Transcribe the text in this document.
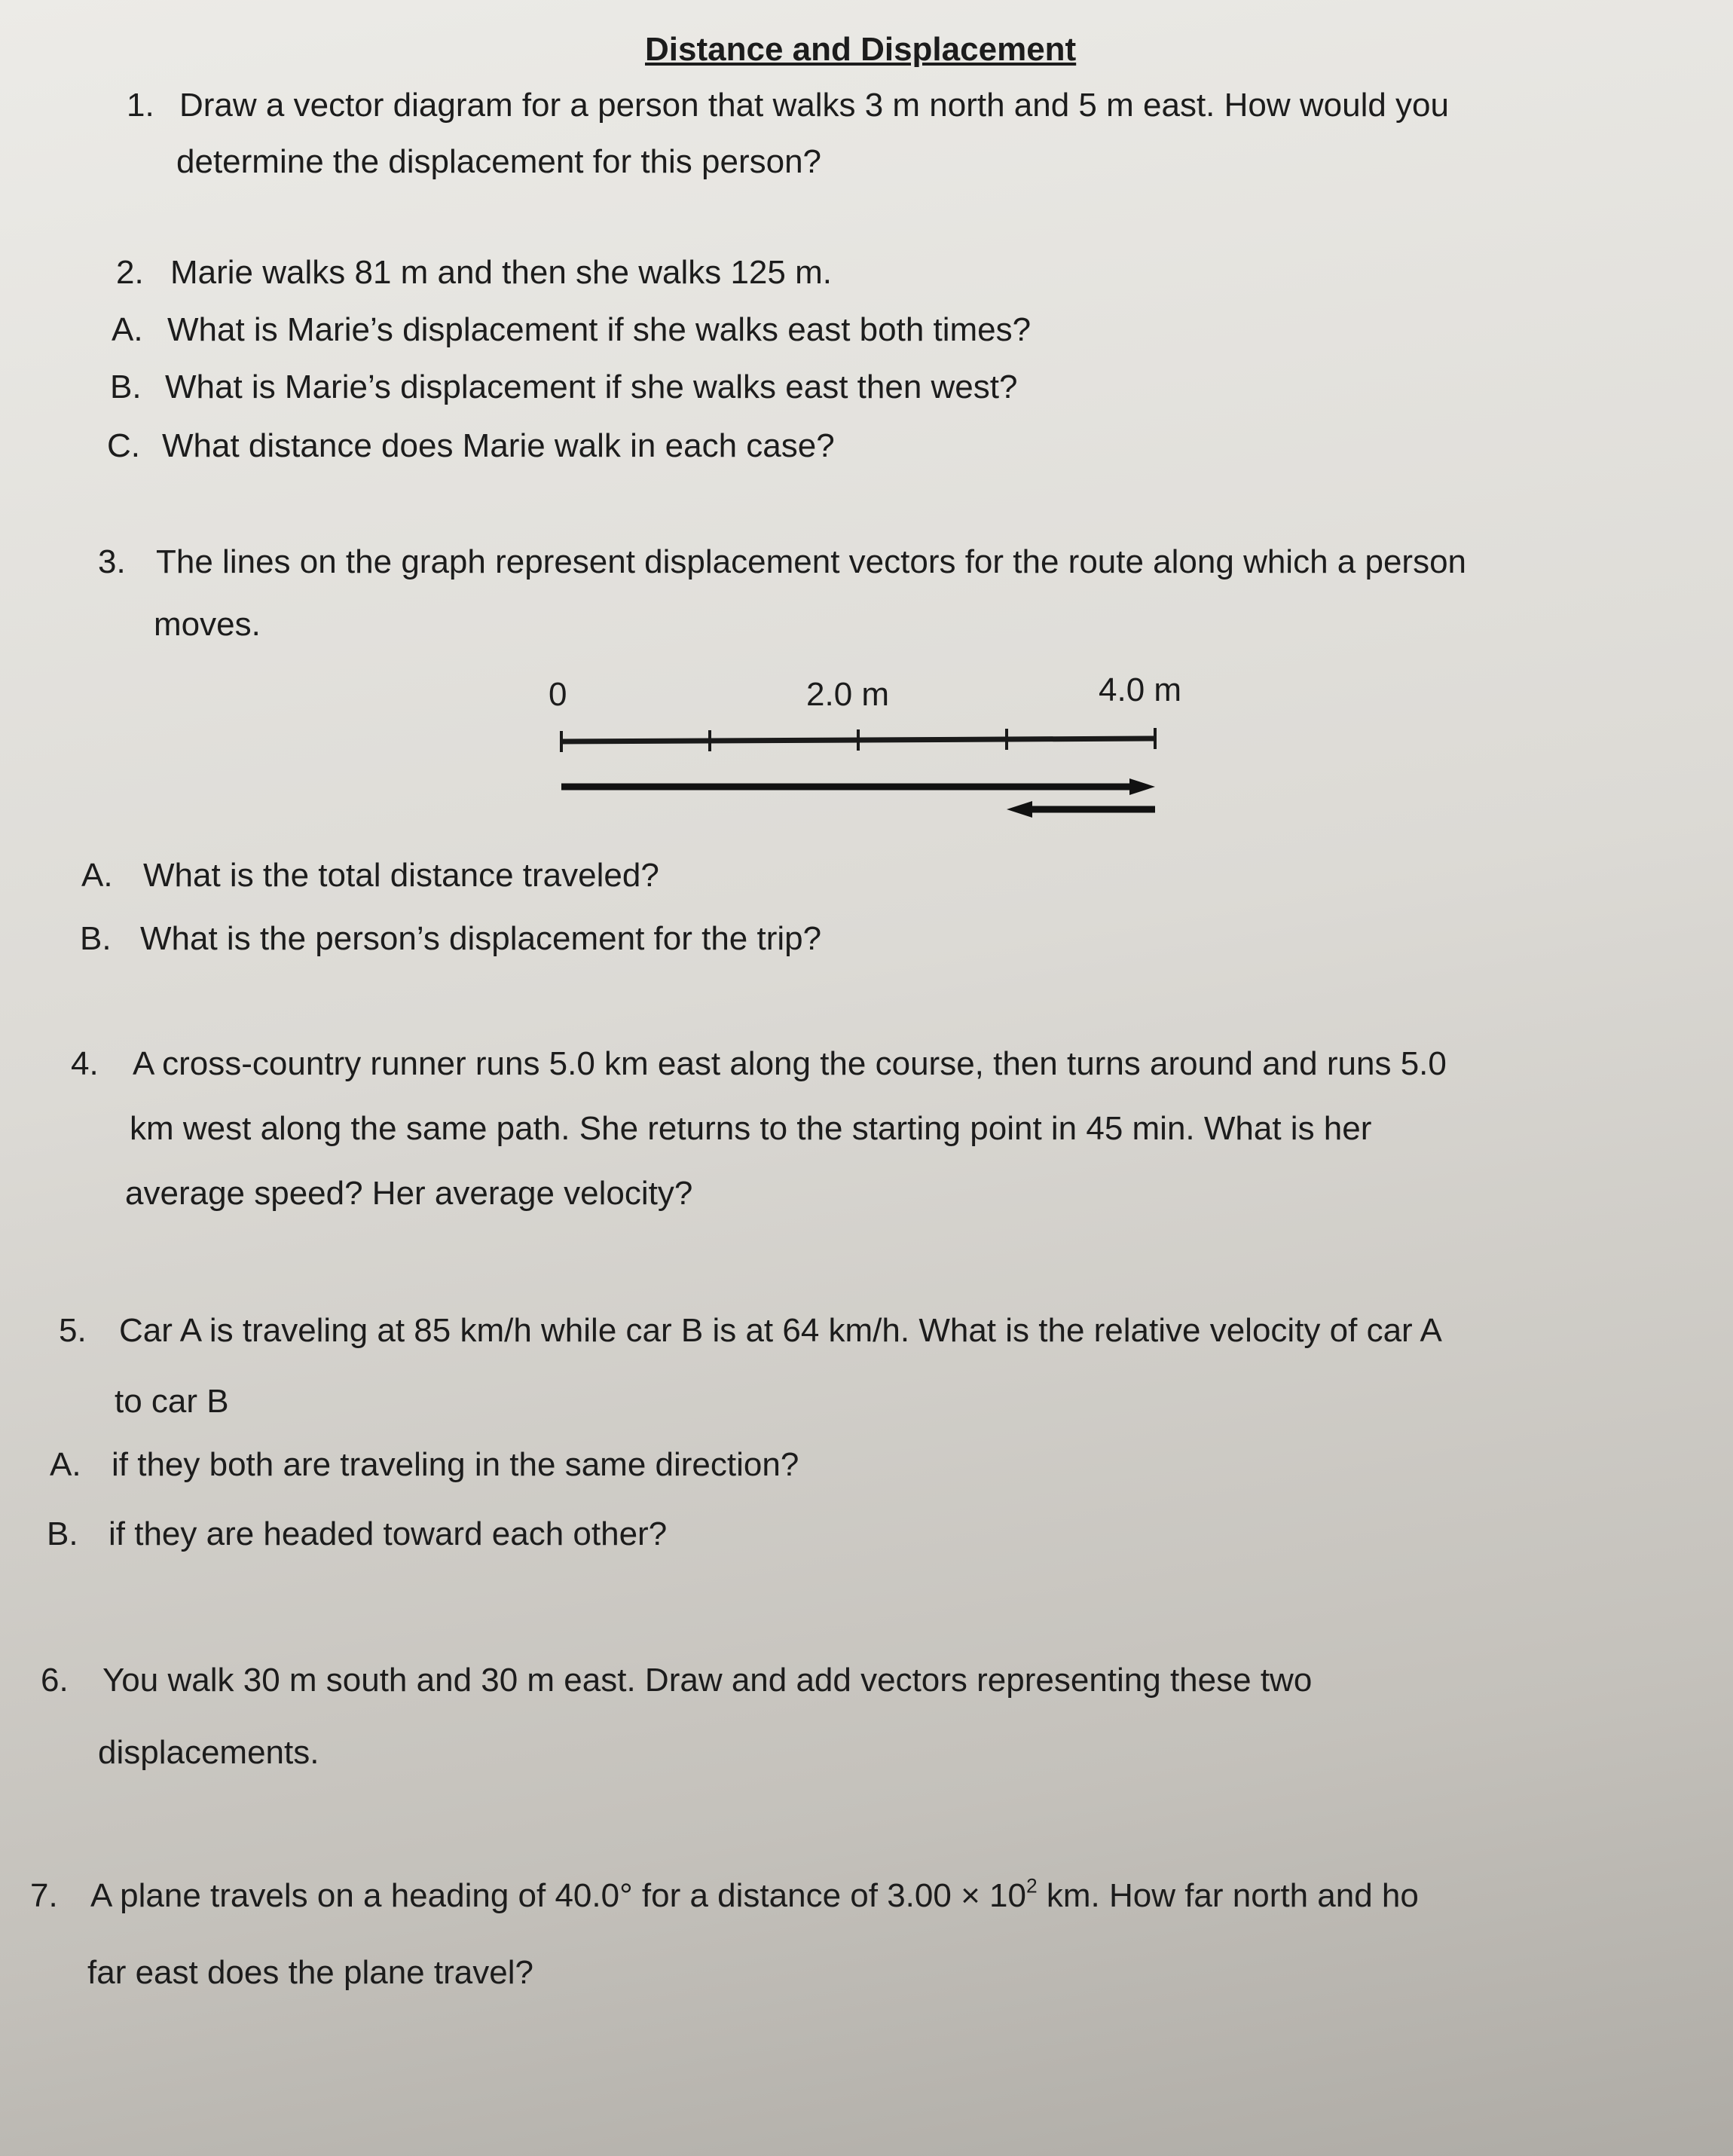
Distance and Displacement
1. Draw a vector diagram for a person that walks 3 m north and 5 m east. How would you
determine the displacement for this person?
2. Marie walks 81 m and then she walks 125 m.
A. What is Marie’s displacement if she walks east both times?
B. What is Marie’s displacement if she walks east then west?
C. What distance does Marie walk in each case?
3. The lines on the graph represent displacement vectors for the route along which a person
moves.
0	2.0 m	4.0 m
A. What is the total distance traveled?
B. What is the person’s displacement for the trip?
4. A cross-country runner runs 5.0 km east along the course, then turns around and runs 5.0
km west along the same path. She returns to the starting point in 45 min. What is her
average speed? Her average velocity?
5. Car A is traveling at 85 km/h while car B is at 64 km/h. What is the relative velocity of car A
to car B
A. if they both are traveling in the same direction?
B. if they are headed toward each other?
6. You walk 30 m south and 30 m east. Draw and add vectors representing these two
displacements.
7. A plane travels on a heading of 40.0° for a distance of $3.00 \times 10^2$ km. How far north and ho
far east does the plane travel?
